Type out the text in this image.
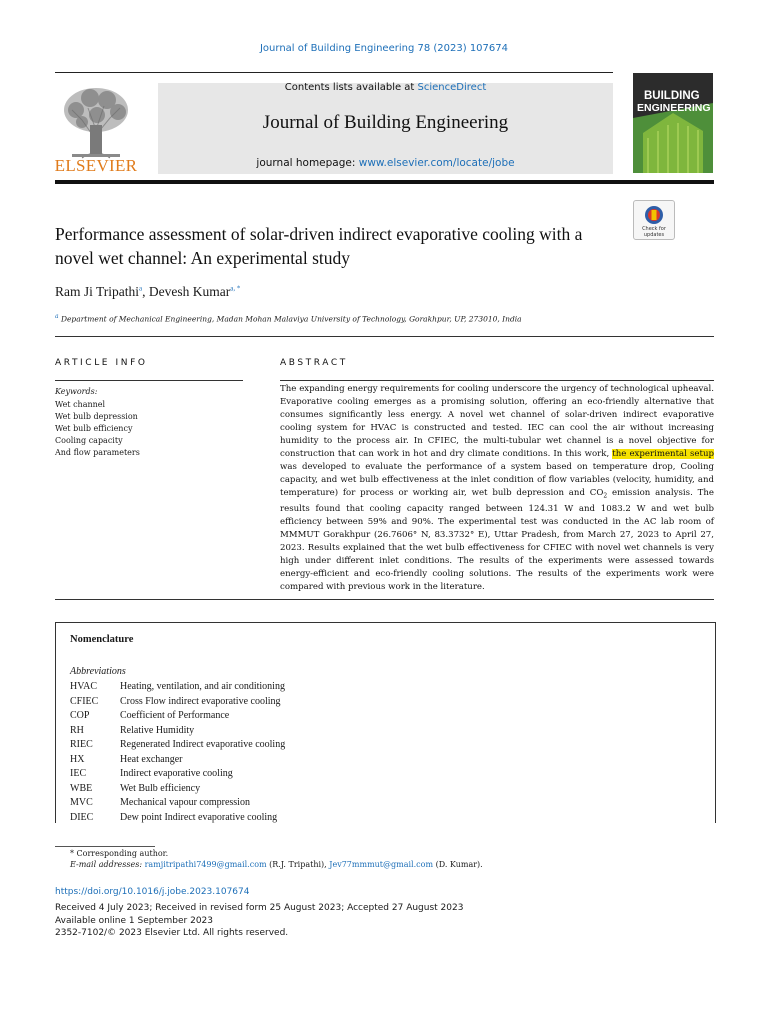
Journal of Building Engineering 78 (2023) 107674
ELSEVIER
Contents lists available at ScienceDirect
Journal of Building Engineering
journal homepage: www.elsevier.com/locate/jobe
BUILDING
ENGINEERING
Check for
updates
Performance assessment of solar-driven indirect evaporative cooling with a novel wet channel: An experimental study
Ram Ji Tripathi$^a$, Devesh Kumar$^{a, *}$
$^a$ Department of Mechanical Engineering, Madan Mohan Malaviya University of Technology, Gorakhpur, UP, 273010, India
ARTICLE INFO	ABSTRACT
Keywords:
Wet channel
Wet bulb depression
Wet bulb efficiency
Cooling capacity
And flow parameters
The expanding energy requirements for cooling underscore the urgency of technological upheaval. Evaporative cooling emerges as a promising solution, offering an eco-friendly alternative that consumes significantly less energy. A novel wet channel of solar-driven indirect evaporative cooling system for HVAC is constructed and tested. IEC can cool the air without increasing humidity to the process air. In CFIEC, the multi-tubular wet channel is a novel objective for construction that can work in hot and dry climate conditions. In this work, the experimental setup was developed to evaluate the performance of a system based on temperature drop, Cooling capacity, and wet bulb effectiveness at the inlet condition of flow variables (velocity, humidity, and temperature) for process or working air, wet bulb depression and $CO_2$ emission analysis. The results found that cooling capacity ranged between 124.31 W and 1083.2 W and wet bulb efficiency between 59% and 90%. The experimental test was conducted in the AC lab room of MMMUT Gorakhpur (26.7606° N, 83.3732° E), Uttar Pradesh, from March 27, 2023 to April 27, 2023. Results explained that the wet bulb effectiveness for CFIEC with novel wet channels is very high under different inlet conditions. The results of the experiments were assessed towards energy-efficient and eco-friendly cooling solutions. The results of the experiments work were compared with previous work in the literature.
Nomenclature
Abbreviations
HVAC	Heating, ventilation, and air conditioning
CFIEC	Cross Flow indirect evaporative cooling
COP	Coefficient of Performance
RH	Relative Humidity
RIEC	Regenerated Indirect evaporative cooling
HX	Heat exchanger
IEC	Indirect evaporative cooling
WBE	Wet Bulb efficiency
MVC	Mechanical vapour compression
DIEC	Dew point Indirect evaporative cooling
* Corresponding author.
E-mail addresses: ramjitripathi7499@gmail.com (R.J. Tripathi), Jev77mmmut@gmail.com (D. Kumar).
https://doi.org/10.1016/j.jobe.2023.107674
Received 4 July 2023; Received in revised form 25 August 2023; Accepted 27 August 2023
Available online 1 September 2023
2352-7102/© 2023 Elsevier Ltd. All rights reserved.
